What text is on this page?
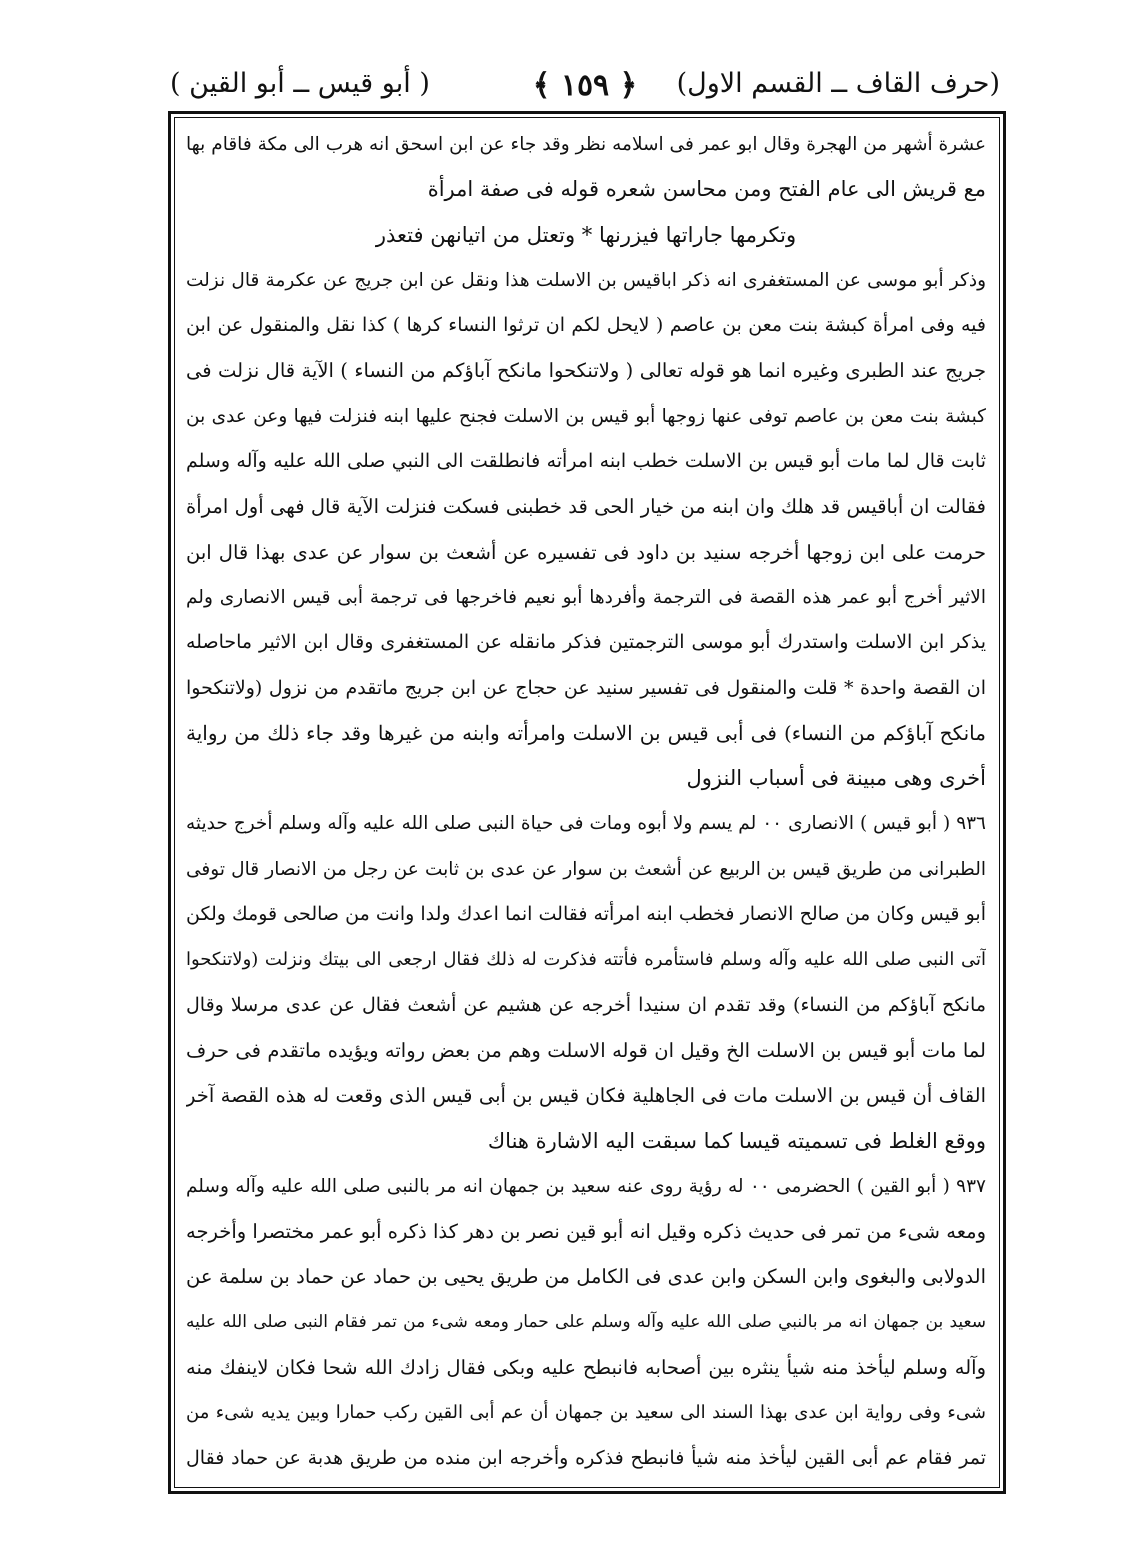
(حرف القاف ــ القسم الاول)
﴿ ١٥٩ ﴾
( أبو قيس ــ أبو القين )
عشرة أشهر من الهجرة وقال ابو عمر فى اسلامه نظر وقد جاء عن ابن اسحق انه هرب الى مكة فاقام بها
مع قريش الى عام الفتح ومن محاسن شعره قوله فى صفة امرأة
وتكرمها جاراتها فيزرنها * وتعتل من اتيانهن فتعذر
وذكر أبو موسى عن المستغفرى انه ذكر اباقيس بن الاسلت هذا ونقل عن ابن جريج عن عكرمة قال نزلت
فيه وفى امرأة كبشة بنت معن بن عاصم ( لايحل لكم ان ترثوا النساء كرها ) كذا نقل والمنقول عن ابن
جريج عند الطبرى وغيره انما هو قوله تعالى ( ولاتنكحوا مانكح آباؤكم من النساء ) الآية قال نزلت فى
كبشة بنت معن بن عاصم توفى عنها زوجها أبو قيس بن الاسلت فجنح عليها ابنه فنزلت فيها وعن عدى بن
ثابت قال لما مات أبو قيس بن الاسلت خطب ابنه امرأته فانطلقت الى النبي صلى الله عليه وآله وسلم
فقالت ان أباقيس قد هلك وان ابنه من خيار الحى قد خطبنى فسكت فنزلت الآية قال فهى أول امرأة
حرمت على ابن زوجها أخرجه سنيد بن داود فى تفسيره عن أشعث بن سوار عن عدى بهذا قال ابن
الاثير أخرج أبو عمر هذه القصة فى الترجمة وأفردها أبو نعيم فاخرجها فى ترجمة أبى قيس الانصارى ولم
يذكر ابن الاسلت واستدرك أبو موسى الترجمتين فذكر مانقله عن المستغفرى وقال ابن الاثير ماحاصله
ان القصة واحدة * قلت والمنقول فى تفسير سنيد عن حجاج عن ابن جريج ماتقدم من نزول (ولاتنكحوا
مانكح آباؤكم من النساء) فى أبى قيس بن الاسلت وامرأته وابنه من غيرها وقد جاء ذلك من رواية
أخرى وهى مبينة فى أسباب النزول
٩٣٦ ( أبو قيس ) الانصارى ٠٠ لم يسم ولا أبوه ومات فى حياة النبى صلى الله عليه وآله وسلم أخرج حديثه
الطبرانى من طريق قيس بن الربيع عن أشعث بن سوار عن عدى بن ثابت عن رجل من الانصار قال توفى
أبو قيس وكان من صالح الانصار فخطب ابنه امرأته فقالت انما اعدك ولدا وانت من صالحى قومك ولكن
آتى النبى صلى الله عليه وآله وسلم فاستأمره فأتته فذكرت له ذلك فقال ارجعى الى بيتك ونزلت (ولاتنكحوا
مانكح آباؤكم من النساء) وقد تقدم ان سنيدا أخرجه عن هشيم عن أشعث فقال عن عدى مرسلا وقال
لما مات أبو قيس بن الاسلت الخ وقيل ان قوله الاسلت وهم من بعض رواته ويؤيده ماتقدم فى حرف
القاف أن قيس بن الاسلت مات فى الجاهلية فكان قيس بن أبى قيس الذى وقعت له هذه القصة آخر
ووقع الغلط فى تسميته قيسا كما سبقت اليه الاشارة هناك
٩٣٧ ( أبو القين ) الحضرمى ٠٠ له رؤية روى عنه سعيد بن جمهان انه مر بالنبى صلى الله عليه وآله وسلم
ومعه شىء من تمر فى حديث ذكره وقيل انه أبو قين نصر بن دهر كذا ذكره أبو عمر مختصرا وأخرجه
الدولابى والبغوى وابن السكن وابن عدى فى الكامل من طريق يحيى بن حماد عن حماد بن سلمة عن
سعيد بن جمهان انه مر بالنبي صلى الله عليه وآله وسلم على حمار ومعه شىء من تمر فقام النبى صلى الله عليه
وآله وسلم ليأخذ منه شيأ ينثره بين أصحابه فانبطح عليه وبكى فقال زادك الله شحا فكان لاينفك منه
شىء وفى رواية ابن عدى بهذا السند الى سعيد بن جمهان أن عم أبى القين ركب حمارا وبين يديه شىء من
تمر فقام عم أبى القين ليأخذ منه شيأ فانبطح فذكره وأخرجه ابن منده من طريق هدبة عن حماد فقال
